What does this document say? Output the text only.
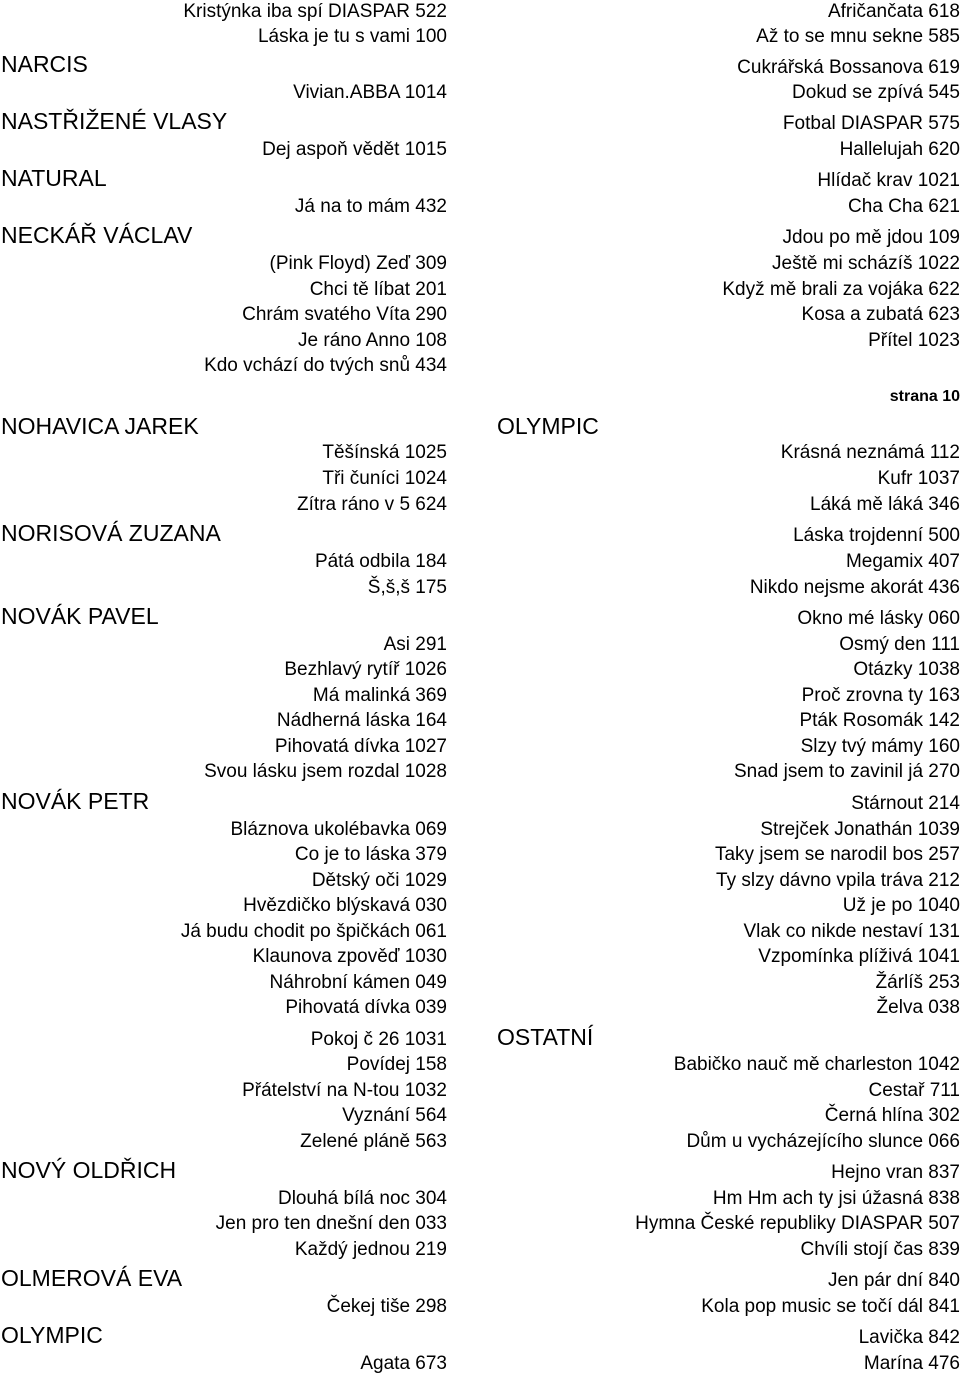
Kristýnka iba spí DIASPAR 522
Láska je tu s vami 100
NARCIS
Vivian.ABBA 1014
NASTŘIŽENÉ VLASY
Dej aspoň vědět 1015
NATURAL
Já na to mám 432
NECKÁŘ VÁCLAV
(Pink Floyd) Zeď 309
Chci tě líbat 201
Chrám svatého Víta 290
Je ráno Anno 108
Kdo vchází do tvých snů 434
NOHAVICA JAREK
Těšínská 1025
Tři čuníci 1024
Zítra ráno v 5 624
NORISOVÁ ZUZANA
Pátá odbila 184
Š,š,š 175
NOVÁK PAVEL
Asi 291
Bezhlavý rytíř 1026
Má malinká 369
Nádherná láska 164
Pihovatá dívka 1027
Svou lásku jsem rozdal 1028
NOVÁK PETR
Bláznova ukolébavka 069
Co je to láska 379
Dětský oči 1029
Hvězdičko blýskavá 030
Já budu chodit po špičkách 061
Klaunova zpověď 1030
Náhrobní kámen 049
Pihovatá dívka 039
Pokoj č 26 1031
Povídej 158
Přátelství na N-tou 1032
Vyznání 564
Zelené pláně 563
NOVÝ OLDŘICH
Dlouhá bílá noc 304
Jen pro ten dnešní den 033
Každý jednou 219
OLMEROVÁ EVA
Čekej tiše 298
OLYMPIC
Agata 673
Afričančata 618
Až to se mnu sekne 585
Cukrářská Bossanova 619
Dokud se zpívá 545
Fotbal DIASPAR 575
Hallelujah 620
Hlídač krav 1021
Cha Cha 621
Jdou po mě jdou 109
Ještě mi scházíš 1022
Když mě brali za vojáka 622
Kosa a zubatá 623
Přítel 1023
strana 10
OLYMPIC
Krásná neznámá 112
Kufr 1037
Láká mě láká 346
Láska trojdenní 500
Megamix 407
Nikdo nejsme akorát 436
Okno mé lásky 060
Osmý den 111
Otázky 1038
Proč zrovna ty 163
Pták Rosomák 142
Slzy tvý mámy 160
Snad jsem to zavinil já 270
Stárnout 214
Strejček Jonathán 1039
Taky jsem se narodil bos 257
Ty slzy dávno vpila tráva 212
Už je po 1040
Vlak co nikde nestaví 131
Vzpomínka plíživá 1041
Žárlíš 253
Želva 038
OSTATNÍ
Babičko nauč mě charleston 1042
Cestař 711
Černá hlína 302
Dům u vycházejícího slunce 066
Hejno vran 837
Hm Hm ach ty jsi úžasná 838
Hymna České republiky DIASPAR 507
Chvíli stojí čas 839
Jen pár dní 840
Kola pop music se točí dál 841
Lavička 842
Marína 476
